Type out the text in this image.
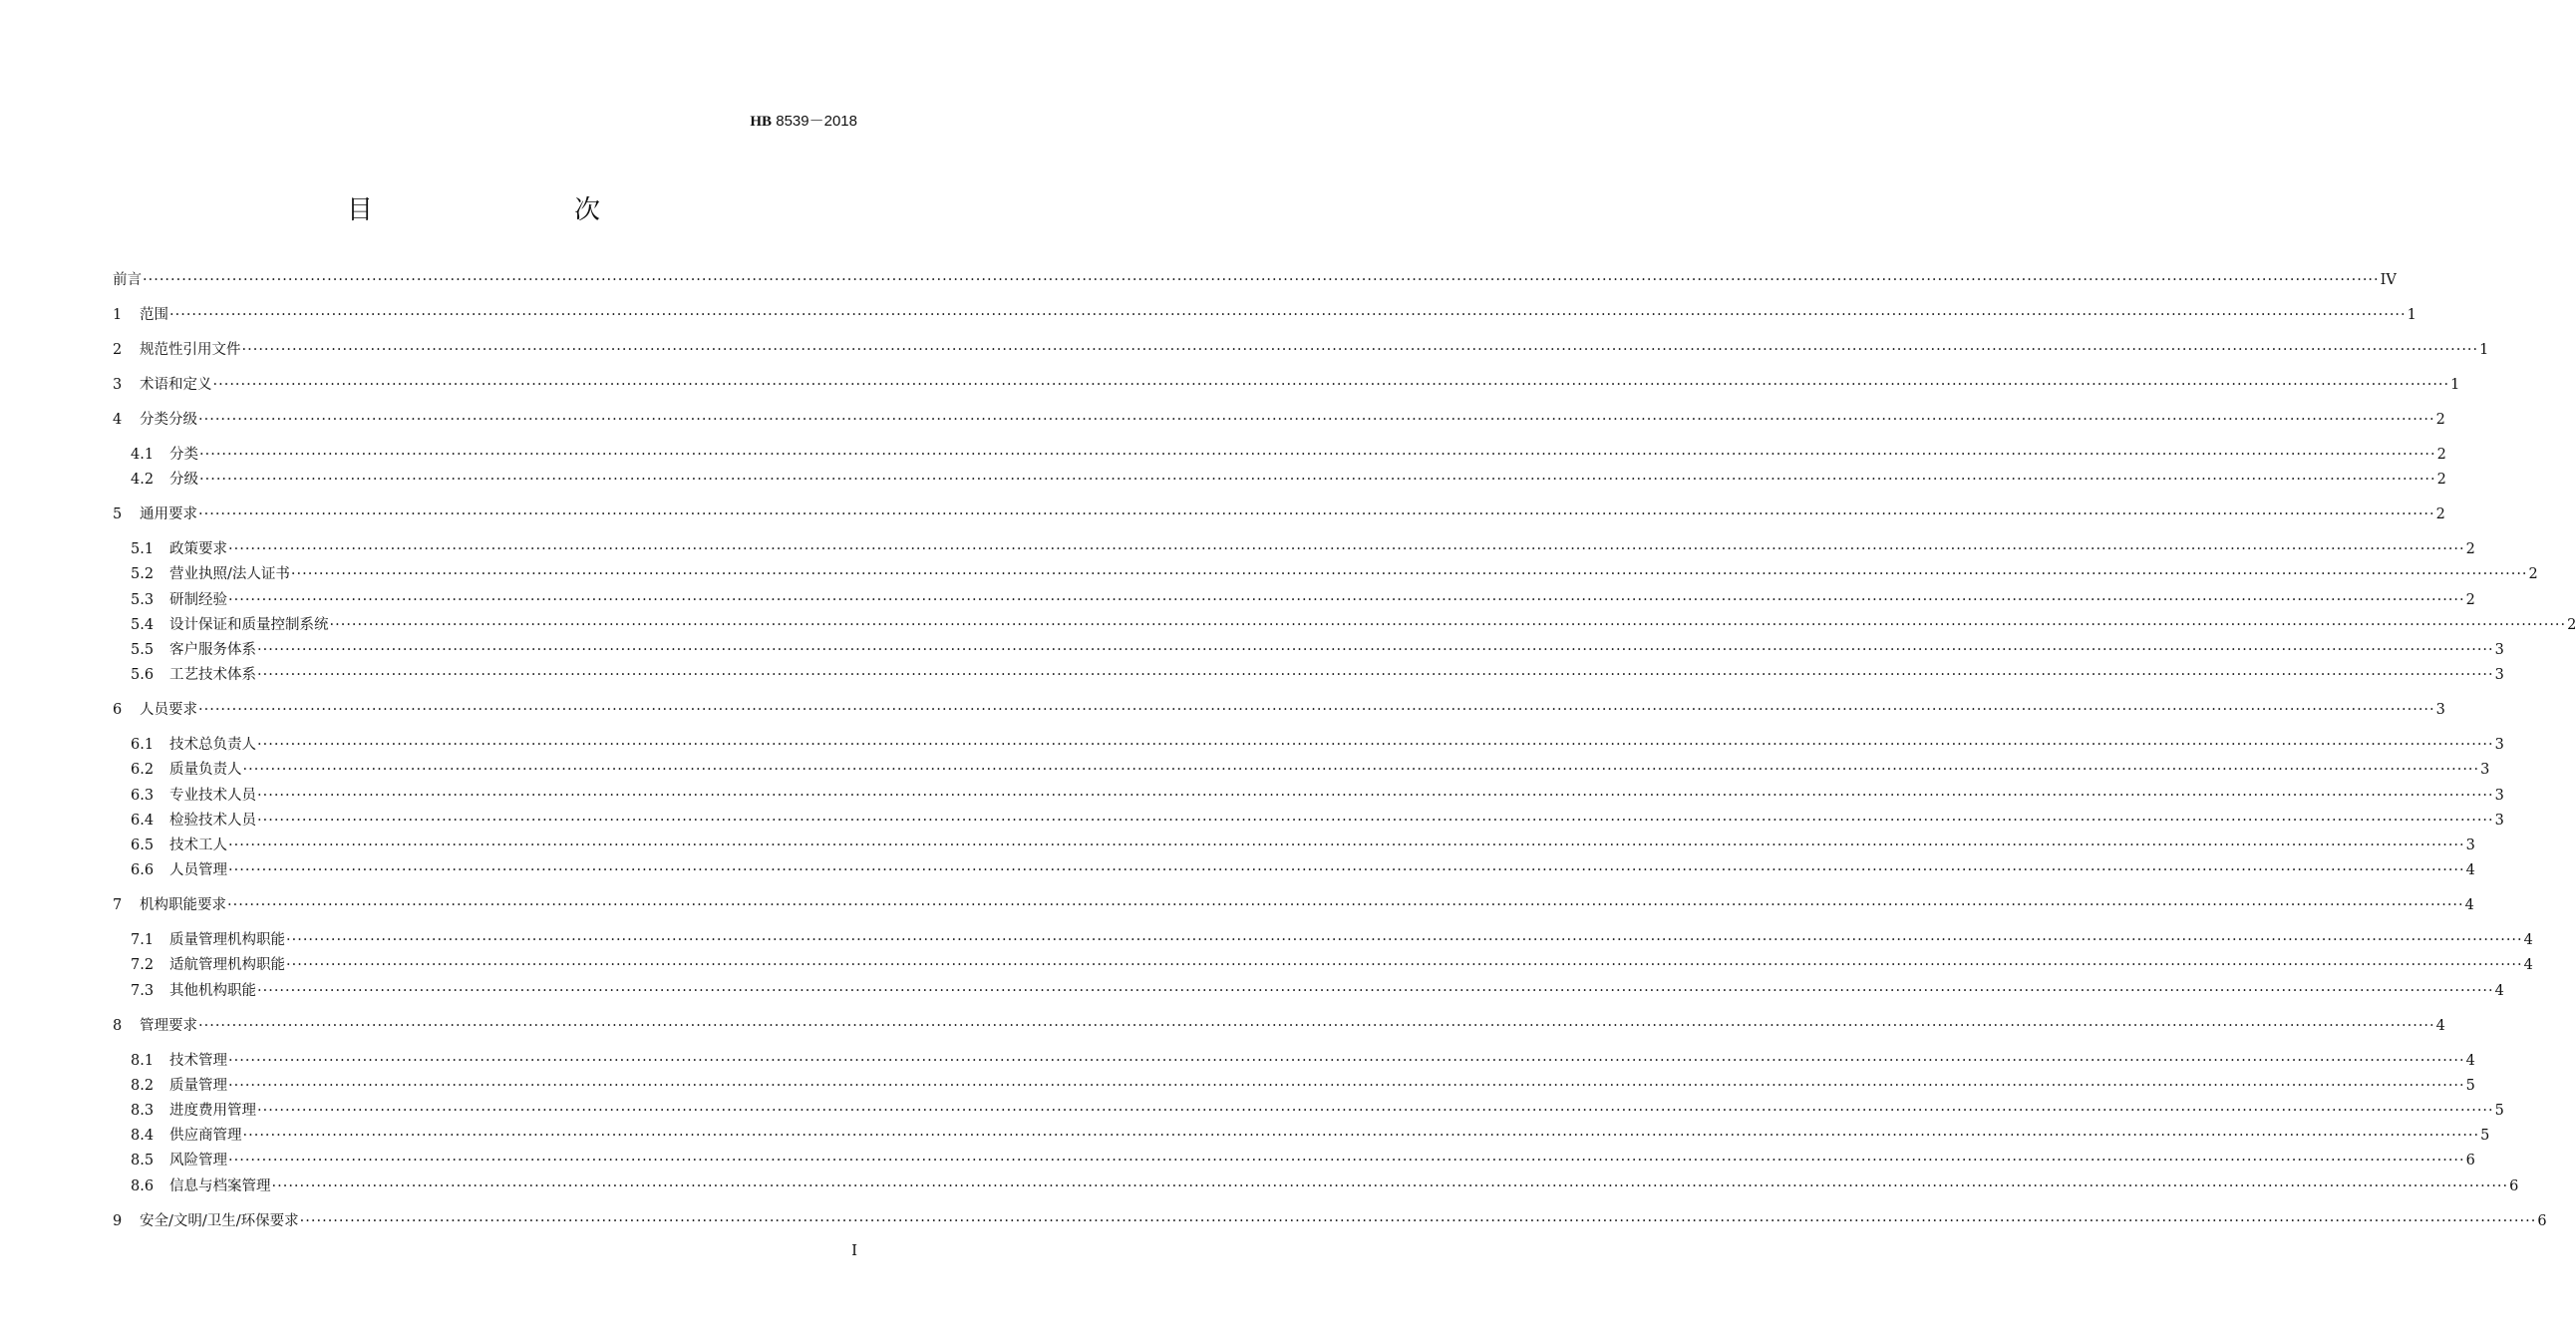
HB 8539－2018
目　　次
前言 ················································································································································································································································································································································································································ IV
1	范围 ················································································································································································································································································································································································································ 1
2	规范性引用文件 ················································································································································································································································································································································································································ 1
3	术语和定义 ················································································································································································································································································································································································································ 1
4	分类分级 ················································································································································································································································································································································································································ 2
4.1	分类 ················································································································································································································································································································································································································ 2
4.2	分级 ················································································································································································································································································································································································································ 2
5	通用要求 ················································································································································································································································································································································································································ 2
5.1	政策要求 ················································································································································································································································································································································································································ 2
5.2	营业执照/法人证书 ················································································································································································································································································································································································································ 2
5.3	研制经验 ················································································································································································································································································································································································································ 2
5.4	设计保证和质量控制系统 ················································································································································································································································································································································································································ 2
5.5	客户服务体系 ················································································································································································································································································································································································································ 3
5.6	工艺技术体系 ················································································································································································································································································································································································································ 3
6	人员要求 ················································································································································································································································································································································································································ 3
6.1	技术总负责人 ················································································································································································································································································································································································································ 3
6.2	质量负责人 ················································································································································································································································································································································································································ 3
6.3	专业技术人员 ················································································································································································································································································································································································································ 3
6.4	检验技术人员 ················································································································································································································································································································································································································ 3
6.5	技术工人 ················································································································································································································································································································································································································ 3
6.6	人员管理 ················································································································································································································································································································································································································ 4
7	机构职能要求 ················································································································································································································································································································································································································ 4
7.1	质量管理机构职能 ················································································································································································································································································································································································································ 4
7.2	适航管理机构职能 ················································································································································································································································································································································································································ 4
7.3	其他机构职能 ················································································································································································································································································································································································································ 4
8	管理要求 ················································································································································································································································································································································································································ 4
8.1	技术管理 ················································································································································································································································································································································································································ 4
8.2	质量管理 ················································································································································································································································································································································································································ 5
8.3	进度费用管理 ················································································································································································································································································································································································································ 5
8.4	供应商管理 ················································································································································································································································································································································································································ 5
8.5	风险管理 ················································································································································································································································································································································································································ 6
8.6	信息与档案管理 ················································································································································································································································································································································································································ 6
9	安全/文明/卫生/环保要求 ················································································································································································································································································································································································································ 6
I
